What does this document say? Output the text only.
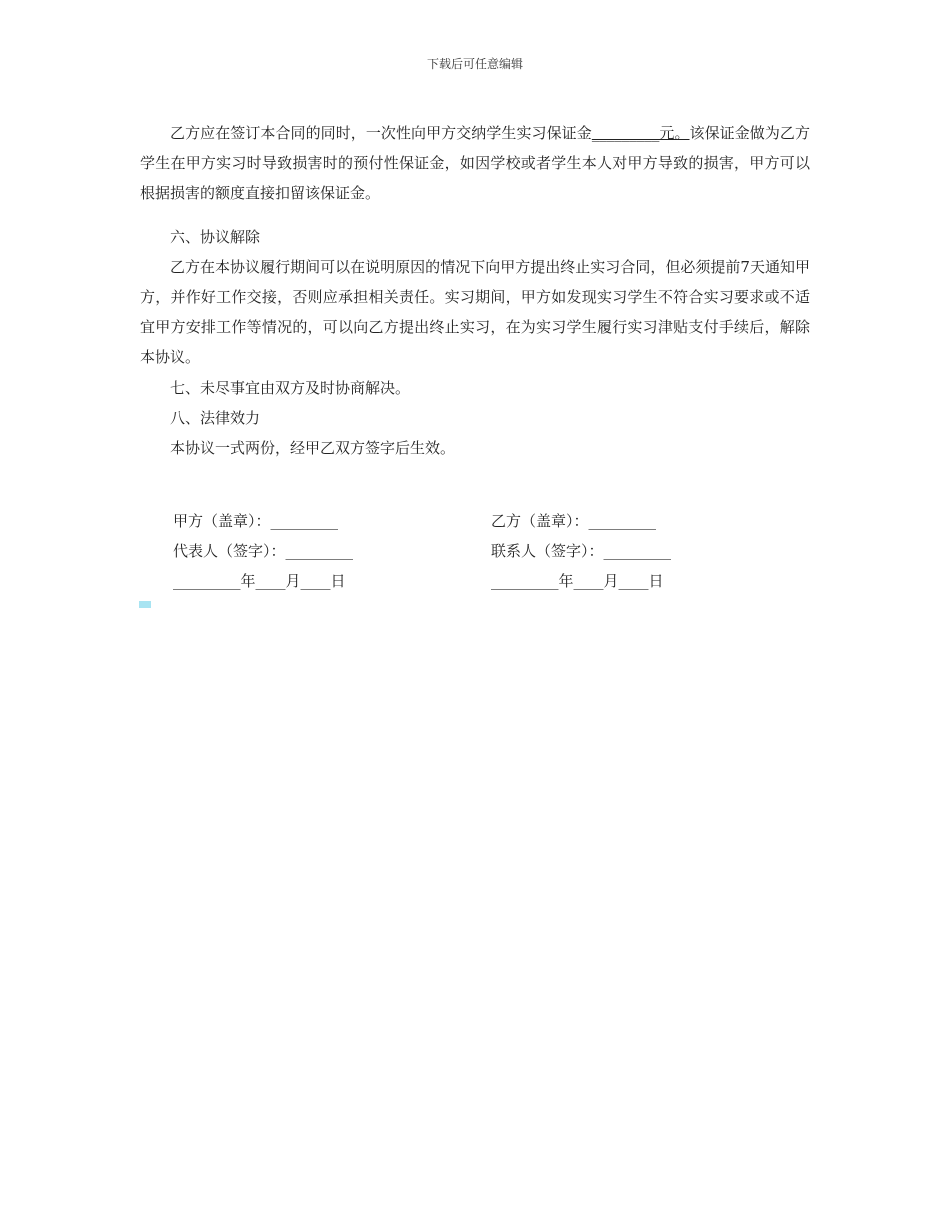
下载后可任意编辑

乙方应在签订本合同的同时，一次性向甲方交纳学生实习保证金_________元。该保证金做为乙方学生在甲方实习时导致损害时的预付性保证金，如因学校或者学生本人对甲方导致的损害，甲方可以根据损害的额度直接扣留该保证金。

六、协议解除

乙方在本协议履行期间可以在说明原因的情况下向甲方提出终止实习合同，但必须提前7天通知甲方，并作好工作交接，否则应承担相关责任。实习期间，甲方如发现实习学生不符合实习要求或不适宜甲方安排工作等情况的，可以向乙方提出终止实习，在为实习学生履行实习津贴支付手续后，解除本协议。

七、未尽事宜由双方及时协商解决。

八、法律效力

本协议一式两份，经甲乙双方签字后生效。

甲方（盖章）：_________	乙方（盖章）：_________
代表人（签字）：_________	联系人（签字）：_________
_________年____月____日	_________年____月____日
